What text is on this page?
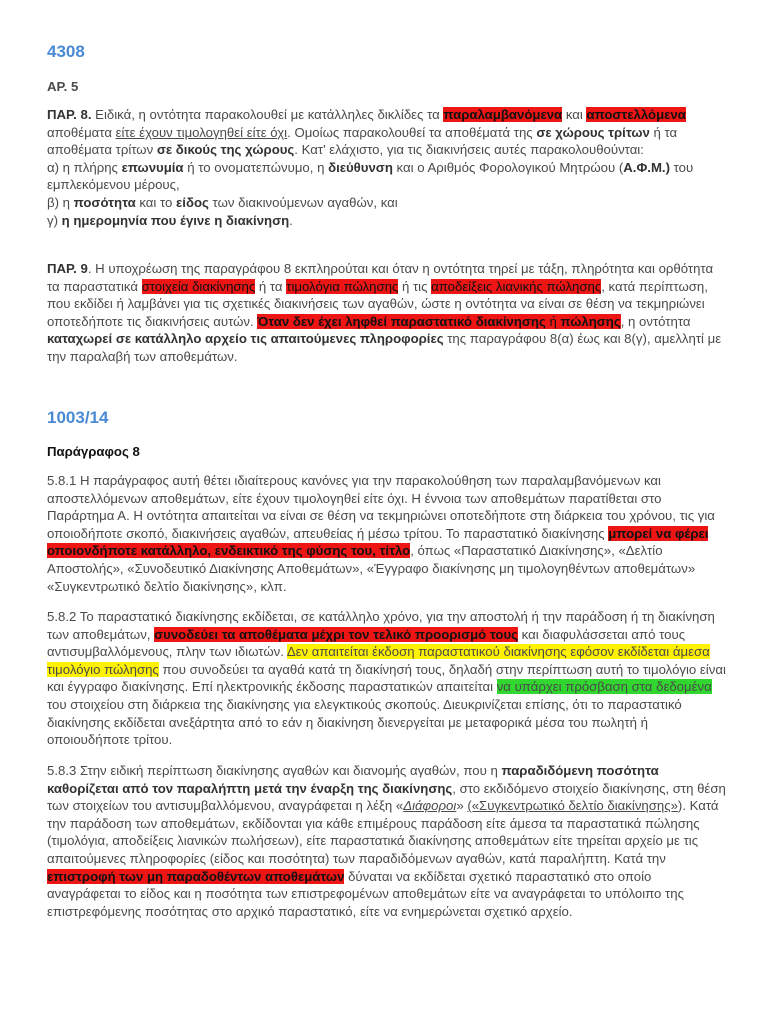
4308
ΑΡ. 5

ΠΑΡ. 8. Ειδικά, η οντότητα παρακολουθεί με κατάλληλες δικλίδες τα παραλαμβανόμενα και αποστελλόμενα αποθέματα είτε έχουν τιμολογηθεί είτε όχι. Ομοίως παρακολουθεί τα αποθέματά της σε χώρους τρίτων ή τα αποθέματα τρίτων σε δικούς της χώρους. Κατ' ελάχιστο, για τις διακινήσεις αυτές παρακολουθούνται:

α) η πλήρης επωνυμία ή το ονοματεπώνυμο, η διεύθυνση και ο Αριθμός Φορολογικού Μητρώου (Α.Φ.Μ.) του εμπλεκόμενου μέρους,

β) η ποσότητα και το είδος των διακινούμενων αγαθών, και

γ) η ημερομηνία που έγινε η διακίνηση.

ΠΑΡ. 9. Η υποχρέωση της παραγράφου 8 εκπληρούται και όταν η οντότητα τηρεί με τάξη, πληρότητα και ορθότητα τα παραστατικά στοιχεία διακίνησης ή τα τιμολόγια πώλησης ή τις αποδείξεις λιανικής πώλησης, κατά περίπτωση, που εκδίδει ή λαμβάνει για τις σχετικές διακινήσεις των αγαθών, ώστε η οντότητα να είναι σε θέση να τεκμηριώνει οποτεδήποτε τις διακινήσεις αυτών. Όταν δεν έχει ληφθεί παραστατικό διακίνησης ή πώλησης, η οντότητα καταχωρεί σε κατάλληλο αρχείο τις απαιτούμενες πληροφορίες της παραγράφου 8(α) έως και 8(γ), αμελλητί με την παραλαβή των αποθεμάτων.

1003/14
Παράγραφος 8

5.8.1 Η παράγραφος αυτή θέτει ιδιαίτερους κανόνες για την παρακολούθηση των παραλαμβανόμενων και αποστελλόμενων αποθεμάτων, είτε έχουν τιμολογηθεί είτε όχι. Η έννοια των αποθεμάτων παρατίθεται στο Παράρτημα Α. Η οντότητα απαιτείται να είναι σε θέση να τεκμηριώνει οποτεδήποτε στη διάρκεια του χρόνου, τις για οποιοδήποτε σκοπό, διακινήσεις αγαθών, απευθείας ή μέσω τρίτου. Το παραστατικό διακίνησης μπορεί να φέρει οποιονδήποτε κατάλληλο, ενδεικτικό της φύσης του, τίτλο, όπως «Παραστατικό Διακίνησης», «Δελτίο Αποστολής», «Συνοδευτικό Διακίνησης Αποθεμάτων», «Έγγραφο διακίνησης μη τιμολογηθέντων αποθεμάτων» «Συγκεντρωτικό δελτίο διακίνησης», κλπ.

5.8.2 Το παραστατικό διακίνησης εκδίδεται, σε κατάλληλο χρόνο, για την αποστολή ή την παράδοση ή τη διακίνηση των αποθεμάτων, συνοδεύει τα αποθέματα μέχρι τον τελικό προορισμό τους και διαφυλάσσεται από τους αντισυμβαλλόμενους, πλην των ιδιωτών. Δεν απαιτείται έκδοση παραστατικού διακίνησης εφόσον εκδίδεται άμεσα τιμολόγιο πώλησης που συνοδεύει τα αγαθά κατά τη διακίνησή τους, δηλαδή στην περίπτωση αυτή το τιμολόγιο είναι και έγγραφο διακίνησης. Επί ηλεκτρονικής έκδοσης παραστατικών απαιτείται να υπάρχει πρόσβαση στα δεδομένα του στοιχείου στη διάρκεια της διακίνησης για ελεγκτικούς σκοπούς. Διευκρινίζεται επίσης, ότι το παραστατικό διακίνησης εκδίδεται ανεξάρτητα από το εάν η διακίνηση διενεργείται με μεταφορικά μέσα του πωλητή ή οποιουδήποτε τρίτου.

5.8.3 Στην ειδική περίπτωση διακίνησης αγαθών και διανομής αγαθών, που η παραδιδόμενη ποσότητα καθορίζεται από τον παραλήπτη μετά την έναρξη της διακίνησης, στο εκδιδόμενο στοιχείο διακίνησης, στη θέση των στοιχείων του αντισυμβαλλόμενου, αναγράφεται η λέξη «Διάφοροι» («Συγκεντρωτικό δελτίο διακίνησης»). Κατά την παράδοση των αποθεμάτων, εκδίδονται για κάθε επιμέρους παράδοση είτε άμεσα τα παραστατικά πώλησης (τιμολόγια, αποδείξεις λιανικών πωλήσεων), είτε παραστατικά διακίνησης αποθεμάτων είτε τηρείται αρχείο με τις απαιτούμενες πληροφορίες (είδος και ποσότητα) των παραδιδόμενων αγαθών, κατά παραλήπτη. Κατά την επιστροφή των μη παραδοθέντων αποθεμάτων δύναται να εκδίδεται σχετικό παραστατικό στο οποίο αναγράφεται το είδος και η ποσότητα των επιστρεφομένων αποθεμάτων είτε να αναγράφεται το υπόλοιπο της επιστρεφόμενης ποσότητας στο αρχικό παραστατικό, είτε να ενημερώνεται σχετικό αρχείο.
